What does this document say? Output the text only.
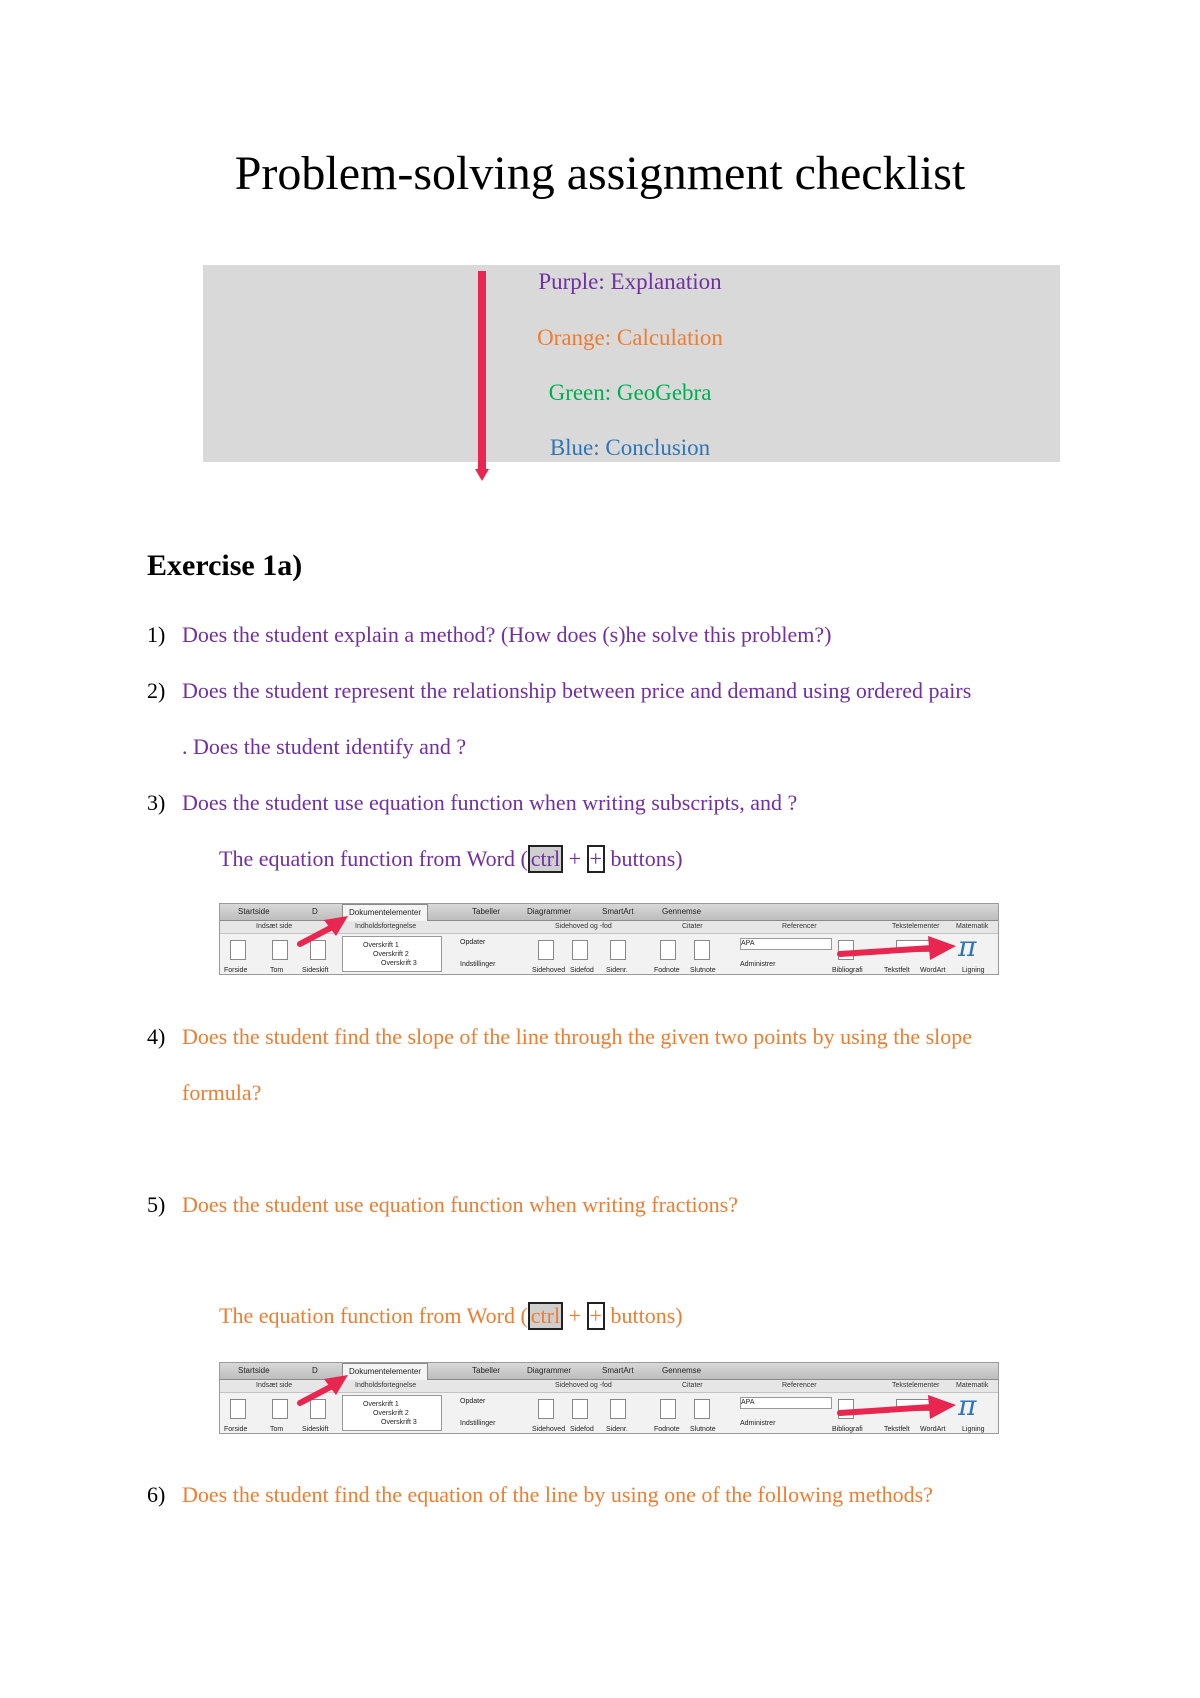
Problem-solving assignment checklist
Purple: Explanation
Orange: Calculation
Green: GeoGebra
Blue: Conclusion
Exercise 1a)
1) Does the student explain a method? (How does (s)he solve this problem?)
2) Does the student represent the relationship between price and demand using ordered pairs
. Does the student identify and ?
3) Does the student use equation function when writing subscripts, and ?
The equation function from Word ( ctrl + + buttons)
Startside	D	Dokumentelementer	Tabeller	Diagrammer	SmartArt	Gennemse
Indsæt side	Indholdsfortegnelse	Sidehoved og -fod	Citater	Referencer	Tekstelementer Matematik
Overskrift 1
Overskrift 2
Overskrift 3
Opdater
Indstillinger
APA
Administrer
Forside	Tom	Sideskift	Sidehoved Sidefod Sidenr.	Fodnote Slutnote	Bibliografi	Tekstfelt WordArt Ligning
π
4) Does the student find the slope of the line through the given two points by using the slope
formula?
5) Does the student use equation function when writing fractions?
The equation function from Word ( ctrl + + buttons)
Startside	D	Dokumentelementer	Tabeller	Diagrammer	SmartArt	Gennemse
Indsæt side	Indholdsfortegnelse	Sidehoved og -fod	Citater	Referencer	Tekstelementer Matematik
Overskrift 1
Overskrift 2
Overskrift 3
Opdater
Indstillinger
APA
Administrer
Forside	Tom	Sideskift	Sidehoved Sidefod Sidenr.	Fodnote Slutnote	Bibliografi	Tekstfelt WordArt Ligning
π
6) Does the student find the equation of the line by using one of the following methods?
